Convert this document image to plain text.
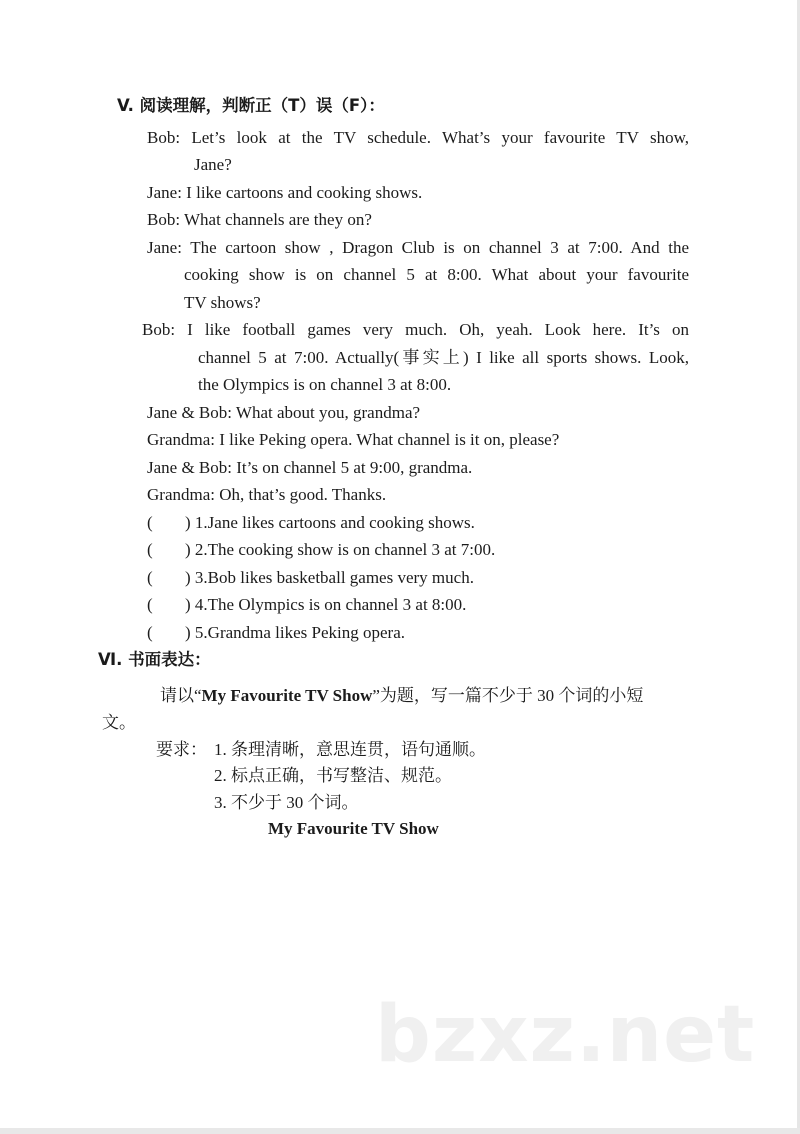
V. 阅读理解，判断正（T）误（F）：
Bob: Let’s look at the TV schedule. What’s your favourite TV show,
Jane?
Jane: I like cartoons and cooking shows.
Bob: What channels are they on?
Jane: The cartoon show , Dragon Club is on channel 3 at 7:00. And the
cooking show is on channel 5 at 8:00. What about your favourite
TV shows?
Bob: I like football games very much. Oh, yeah. Look here. It’s on
channel 5 at 7:00. Actually(事实上) I like all sports shows. Look,
the Olympics is on channel 3 at 8:00.
Jane & Bob: What about you, grandma?
Grandma: I like Peking opera. What channel is it on, please?
Jane & Bob: It’s on channel 5 at 9:00, grandma.
Grandma: Oh, that’s good. Thanks.
( ) 1.Jane likes cartoons and cooking shows.
( ) 2.The cooking show is on channel 3 at 7:00.
( ) 3.Bob likes basketball games very much.
( ) 4.The Olympics is on channel 3 at 8:00.
( ) 5.Grandma likes Peking opera.
Ⅵ. 书面表达：
请以“My Favourite TV Show”为题，写一篇不少于 30 个词的小短
文。
要求： 1. 条理清晰，意思连贯，语句通顺。
2. 标点正确，书写整洁、规范。
3. 不少于 30 个词。
My Favourite TV Show
bzxz.net
